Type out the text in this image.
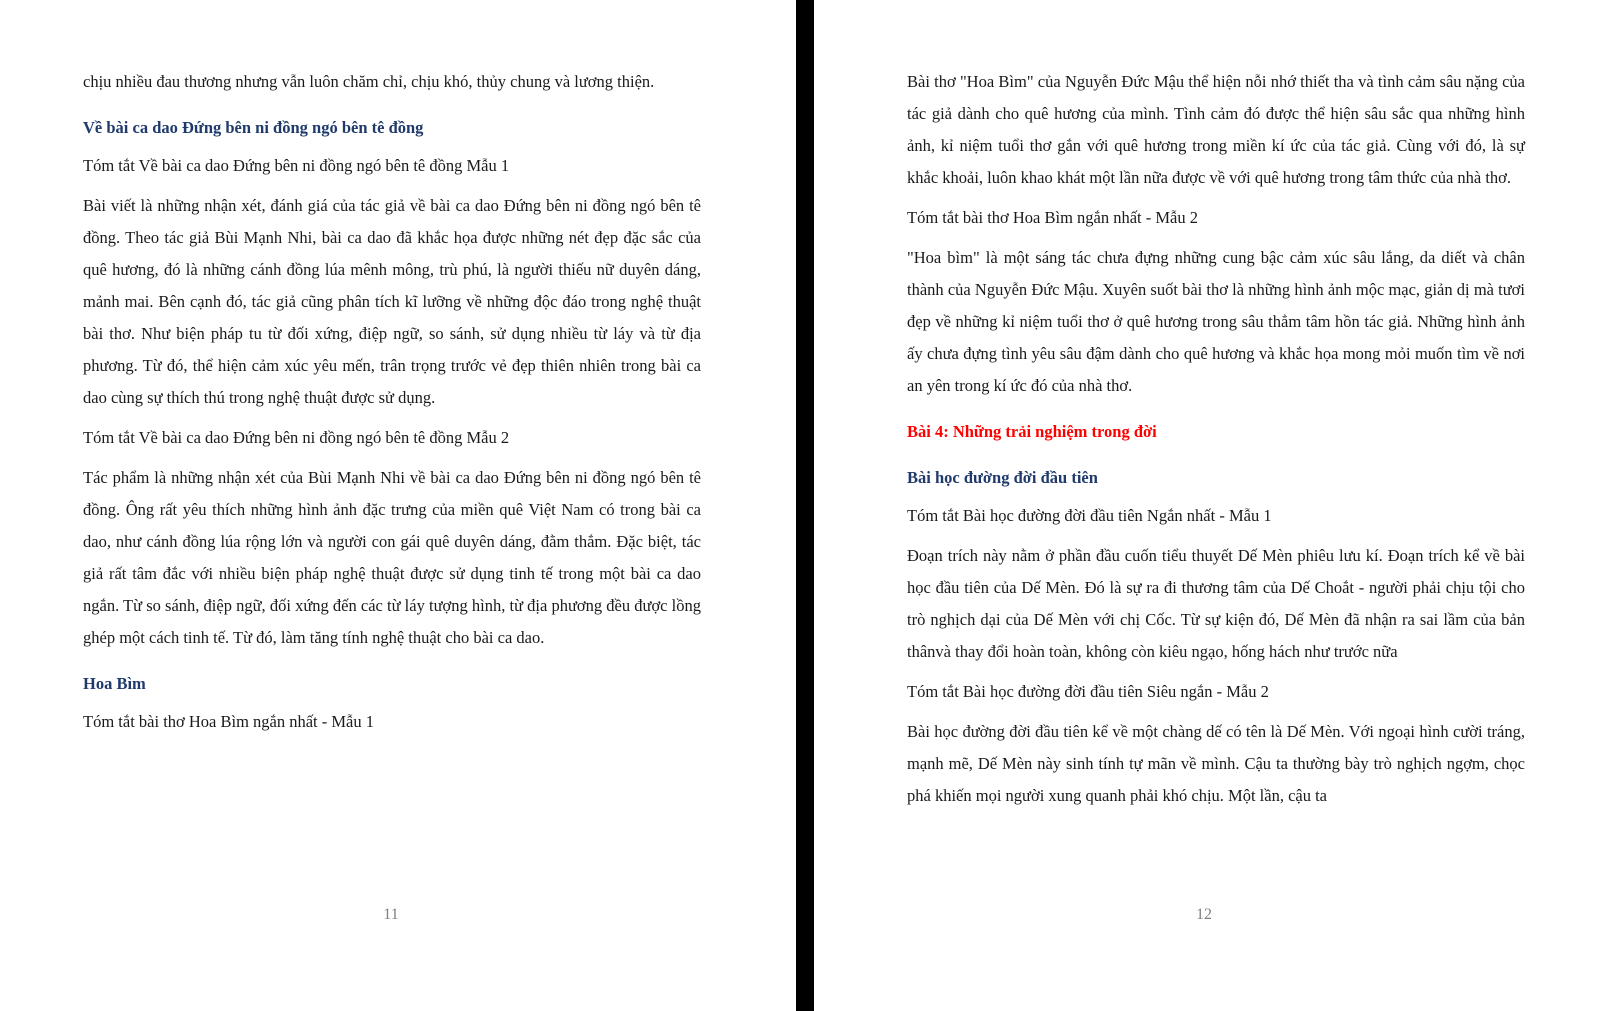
chịu nhiều đau thương nhưng vẫn luôn chăm chỉ, chịu khó, thủy chung và lương thiện.

Về bài ca dao Đứng bên ni đồng ngó bên tê đồng

Tóm tắt Về bài ca dao Đứng bên ni đồng ngó bên tê đồng Mẫu 1

Bài viết là những nhận xét, đánh giá của tác giả về bài ca dao Đứng bên ni đồng ngó bên tê đồng. Theo tác giả Bùi Mạnh Nhi, bài ca dao đã khắc họa được những nét đẹp đặc sắc của quê hương, đó là những cánh đồng lúa mênh mông, trù phú, là người thiếu nữ duyên dáng, mảnh mai. Bên cạnh đó, tác giả cũng phân tích kĩ lưỡng về những độc đáo trong nghệ thuật bài thơ. Như biện pháp tu từ đối xứng, điệp ngữ, so sánh, sử dụng nhiều từ láy và từ địa phương. Từ đó, thể hiện cảm xúc yêu mến, trân trọng trước vẻ đẹp thiên nhiên trong bài ca dao cùng sự thích thú trong nghệ thuật được sử dụng.

Tóm tắt Về bài ca dao Đứng bên ni đồng ngó bên tê đồng Mẫu 2

Tác phẩm là những nhận xét của Bùi Mạnh Nhi về bài ca dao Đứng bên ni đồng ngó bên tê đồng. Ông rất yêu thích những hình ảnh đặc trưng của miền quê Việt Nam có trong bài ca dao, như cánh đồng lúa rộng lớn và người con gái quê duyên dáng, đằm thắm. Đặc biệt, tác giả rất tâm đắc với nhiều biện pháp nghệ thuật được sử dụng tinh tế trong một bài ca dao ngắn. Từ so sánh, điệp ngữ, đối xứng đến các từ láy tượng hình, từ địa phương đều được lồng ghép một cách tinh tế. Từ đó, làm tăng tính nghệ thuật cho bài ca dao.

Hoa Bìm

Tóm tắt bài thơ Hoa Bìm ngắn nhất - Mẫu 1

11

Bài thơ "Hoa Bìm" của Nguyễn Đức Mậu thể hiện nỗi nhớ thiết tha và tình cảm sâu nặng của tác giả dành cho quê hương của mình. Tình cảm đó được thể hiện sâu sắc qua những hình ảnh, kỉ niệm tuổi thơ gắn với quê hương trong miền kí ức của tác giả. Cùng với đó, là sự khắc khoải, luôn khao khát một lần nữa được về với quê hương trong tâm thức của nhà thơ.

Tóm tắt bài thơ Hoa Bìm ngắn nhất - Mẫu 2

"Hoa bìm" là một sáng tác chưa đựng những cung bậc cảm xúc sâu lắng, da diết và chân thành của Nguyễn Đức Mậu. Xuyên suốt bài thơ là những hình ảnh mộc mạc, giản dị mà tươi đẹp về những kỉ niệm tuổi thơ ở quê hương trong sâu thẳm tâm hồn tác giả. Những hình ảnh ấy chưa đựng tình yêu sâu đậm dành cho quê hương và khắc họa mong mỏi muốn tìm về nơi an yên trong kí ức đó của nhà thơ.

Bài 4: Những trải nghiệm trong đời

Bài học đường đời đầu tiên

Tóm tắt Bài học đường đời đầu tiên Ngắn nhất - Mẫu 1

Đoạn trích này nằm ở phần đầu cuốn tiểu thuyết Dế Mèn phiêu lưu kí. Đoạn trích kể về bài học đầu tiên của Dế Mèn. Đó là sự ra đi thương tâm của Dế Choắt - người phải chịu tội cho trò nghịch dại của Dế Mèn với chị Cốc. Từ sự kiện đó, Dế Mèn đã nhận ra sai lầm của bản thânvà thay đổi hoàn toàn, không còn kiêu ngạo, hống hách như trước nữa

Tóm tắt Bài học đường đời đầu tiên Siêu ngắn - Mẫu 2

Bài học đường đời đầu tiên kể về một chàng dế có tên là Dế Mèn. Với ngoại hình cười tráng, mạnh mẽ, Dế Mèn này sinh tính tự mãn về mình. Cậu ta thường bày trò nghịch ngợm, chọc phá khiến mọi người xung quanh phải khó chịu. Một lần, cậu ta

12
